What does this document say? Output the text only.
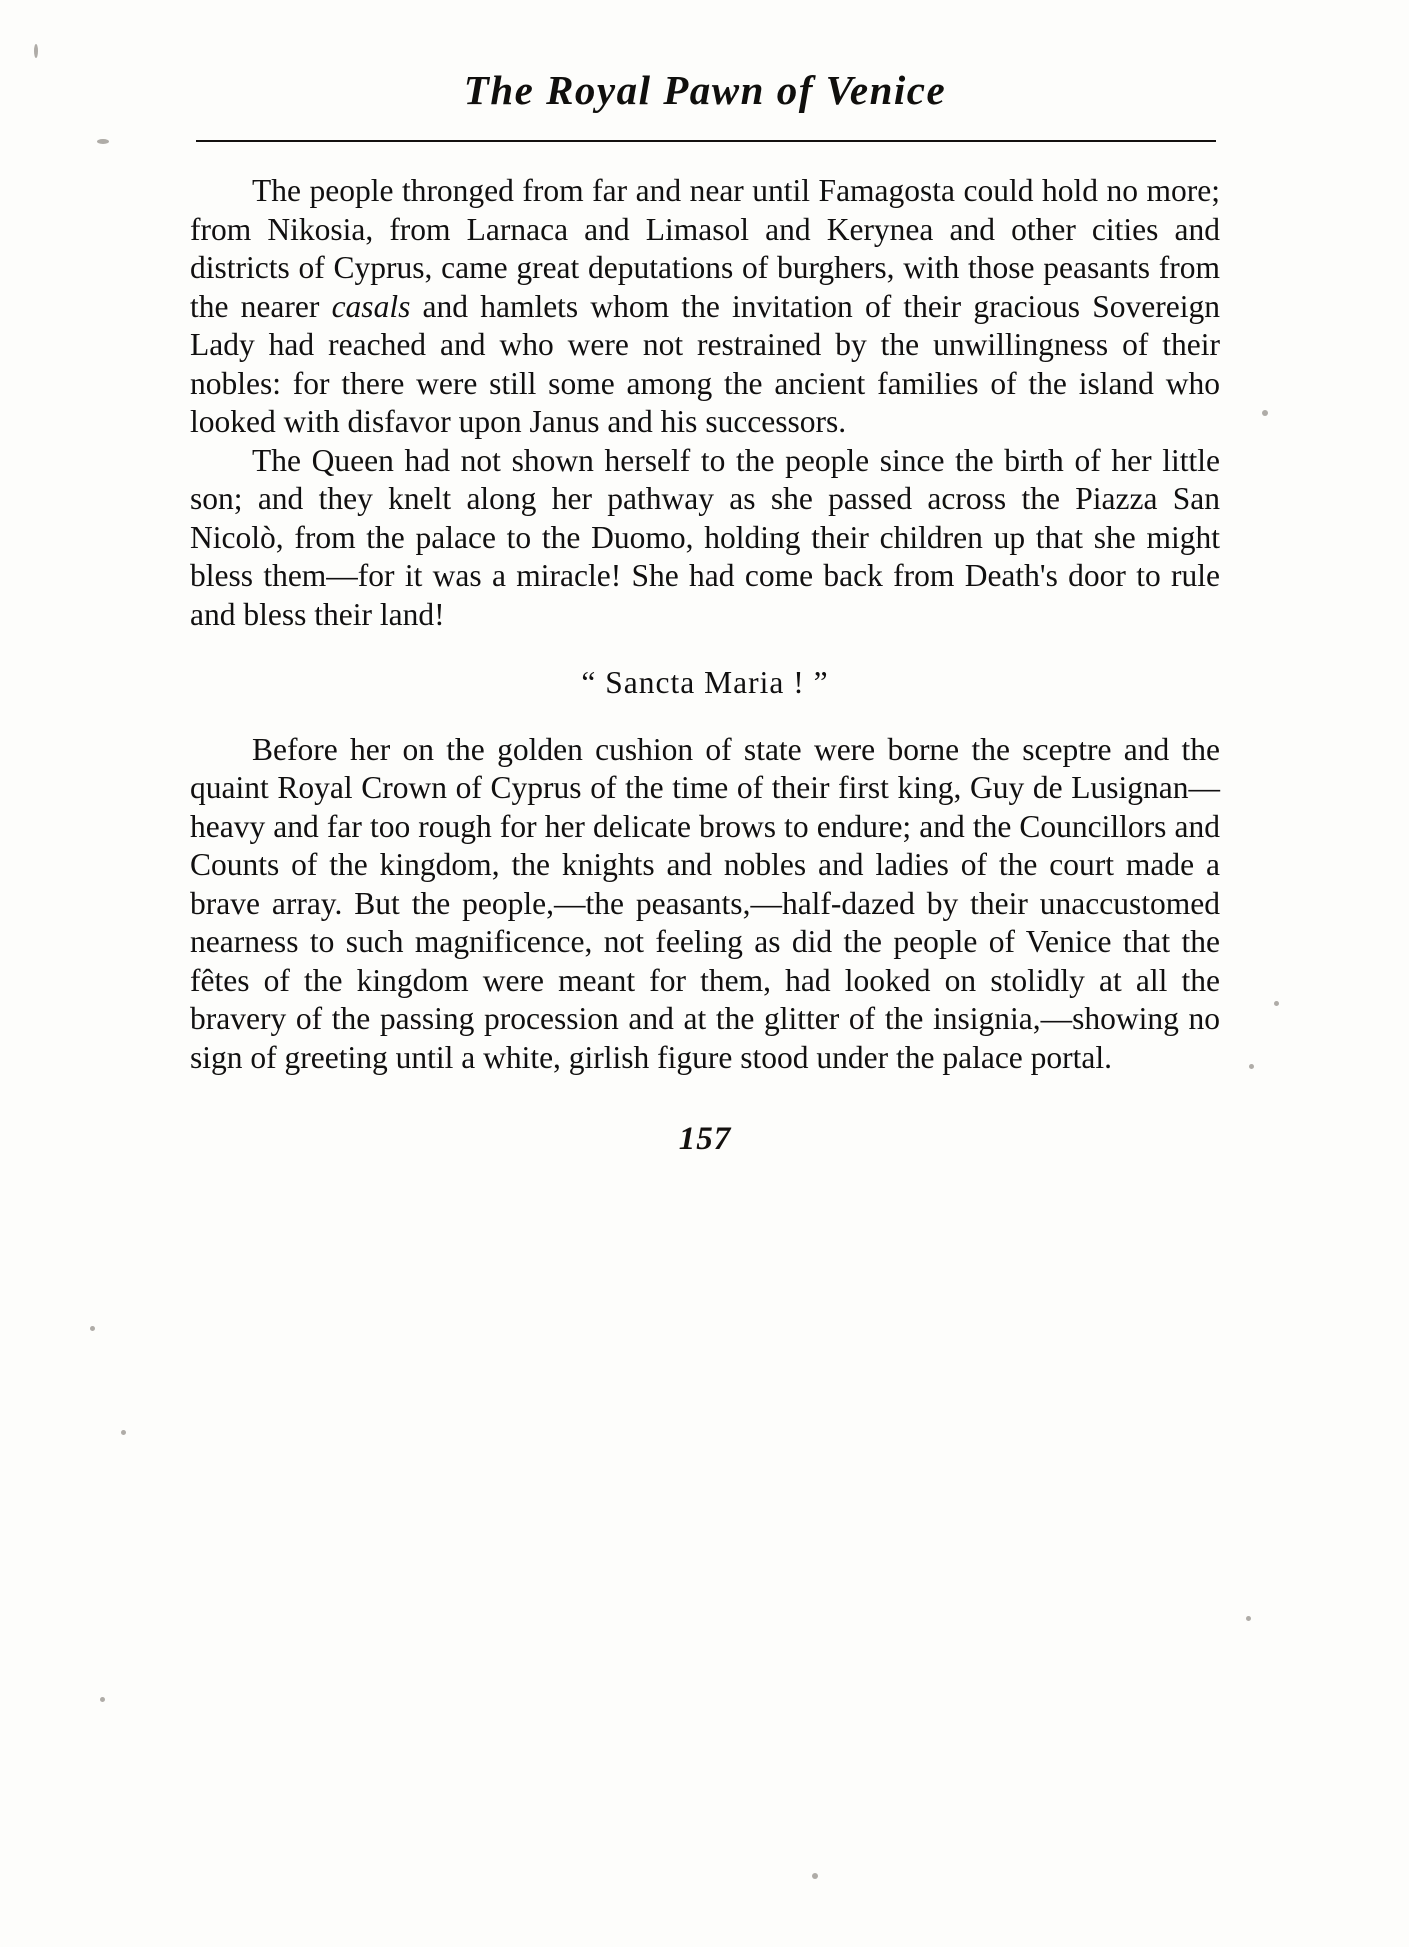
The Royal Pawn of Venice

The people thronged from far and near until Famagosta could hold no more; from Nikosia, from Larnaca and Limasol and Kerynea and other cities and districts of Cyprus, came great deputations of burghers, with those peasants from the nearer casals and hamlets whom the invitation of their gracious Sovereign Lady had reached and who were not restrained by the unwillingness of their nobles: for there were still some among the ancient families of the island who looked with disfavor upon Janus and his successors.

The Queen had not shown herself to the people since the birth of her little son; and they knelt along her pathway as she passed across the Piazza San Nicolò, from the palace to the Duomo, holding their children up that she might bless them—for it was a miracle! She had come back from Death's door to rule and bless their land!

“ Sancta Maria ! ”

Before her on the golden cushion of state were borne the sceptre and the quaint Royal Crown of Cyprus of the time of their first king, Guy de Lusignan—heavy and far too rough for her delicate brows to endure; and the Councillors and Counts of the kingdom, the knights and nobles and ladies of the court made a brave array. But the people,—the peasants,—half-dazed by their unaccustomed nearness to such magnificence, not feeling as did the people of Venice that the fêtes of the kingdom were meant for them, had looked on stolidly at all the bravery of the passing procession and at the glitter of the insignia,—showing no sign of greeting until a white, girlish figure stood under the palace portal.

157
